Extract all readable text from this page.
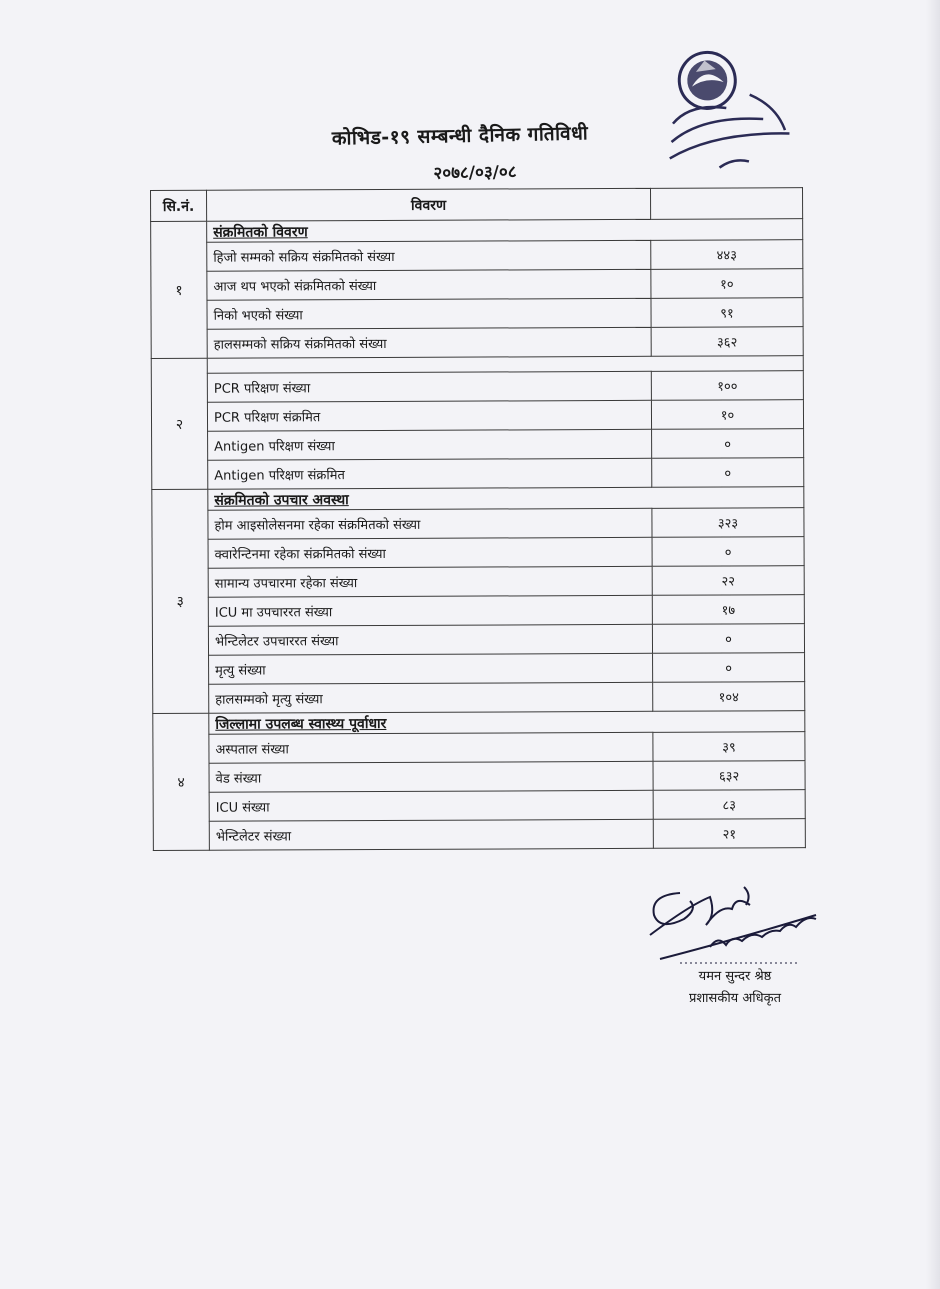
कोभिड-१९ सम्बन्धी दैनिक गतिविधी
२०७८/०३/०८
सि.नं.	विवरण	
१	संक्रमितको विवरण	
	हिजो सम्मको सक्रिय संक्रमितको संख्या	४४३
	आज थप भएको संक्रमितको संख्या	१०
	निको भएको संख्या	९१
	हालसम्मको सक्रिय संक्रमितको संख्या	३६२
२		
	PCR परिक्षण संख्या	१००
	PCR परिक्षण संक्रमित	१०
	Antigen परिक्षण संख्या	०
	Antigen परिक्षण संक्रमित	०
३	संक्रमितको उपचार अवस्था	
	होम आइसोलेसनमा रहेका संक्रमितको संख्या	३२३
	क्वारेन्टिनमा रहेका संक्रमितको संख्या	०
	सामान्य उपचारमा रहेका संख्या	२२
	ICU मा उपचाररत संख्या	१७
	भेन्टिलेटर उपचाररत संख्या	०
	मृत्यु संख्या	०
	हालसम्मको मृत्यु संख्या	१०४
४	जिल्लामा उपलब्ध स्वास्थ्य पूर्वाधार	
	अस्पताल संख्या	३९
	वेड संख्या	६३२
	ICU संख्या	८३
	भेन्टिलेटर संख्या	२१
यमन सुन्दर श्रेष्ठ
प्रशासकीय अधिकृत
